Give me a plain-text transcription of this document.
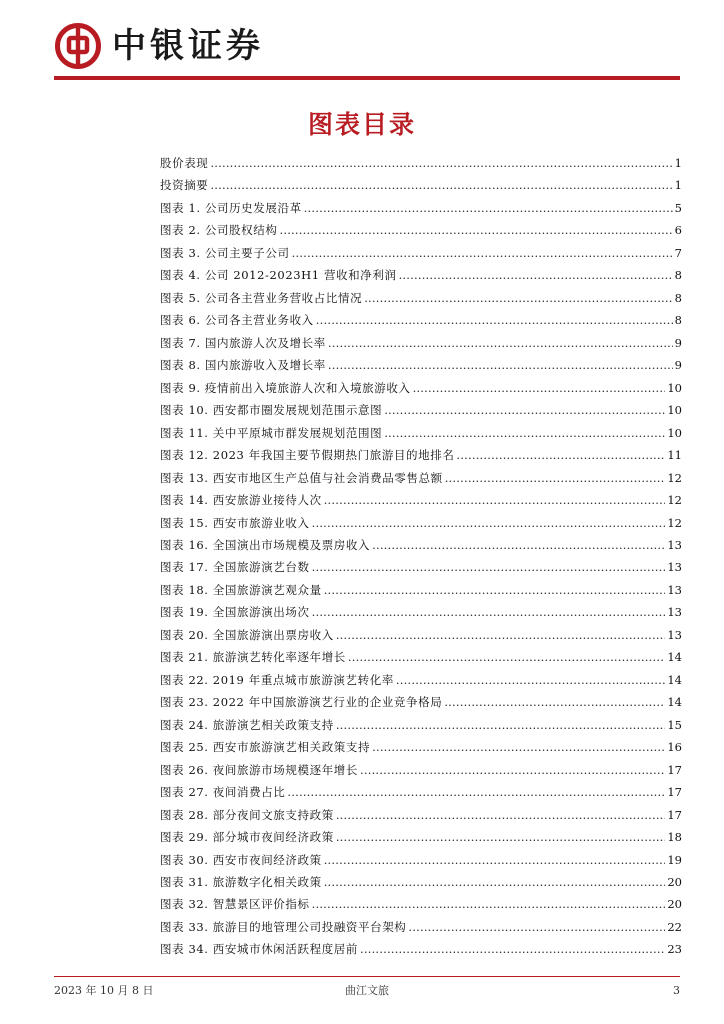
中银证券
图表目录
股价表现 .....	1
投资摘要 .....	1
图表 1. 公司历史发展沿革 .....	5
图表 2. 公司股权结构 .....	6
图表 3. 公司主要子公司 .....	7
图表 4. 公司 2012-2023H1 营收和净利润 .....	8
图表 5. 公司各主营业务营收占比情况 .....	8
图表 6. 公司各主营业务收入 .....	8
图表 7. 国内旅游人次及增长率 .....	9
图表 8. 国内旅游收入及增长率 .....	9
图表 9. 疫情前出入境旅游人次和入境旅游收入 .....	10
图表 10. 西安都市圈发展规划范围示意图 .....	10
图表 11. 关中平原城市群发展规划范围图 .....	10
图表 12. 2023 年我国主要节假期热门旅游目的地排名 .....	11
图表 13. 西安市地区生产总值与社会消费品零售总额 .....	12
图表 14. 西安旅游业接待人次 .....	12
图表 15. 西安市旅游业收入 .....	12
图表 16. 全国演出市场规模及票房收入 .....	13
图表 17. 全国旅游演艺台数 .....	13
图表 18. 全国旅游演艺观众量 .....	13
图表 19. 全国旅游演出场次 .....	13
图表 20. 全国旅游演出票房收入 .....	13
图表 21. 旅游演艺转化率逐年增长 .....	14
图表 22. 2019 年重点城市旅游演艺转化率 .....	14
图表 23. 2022 年中国旅游演艺行业的企业竞争格局 .....	14
图表 24. 旅游演艺相关政策支持 .....	15
图表 25. 西安市旅游演艺相关政策支持 .....	16
图表 26. 夜间旅游市场规模逐年增长 .....	17
图表 27. 夜间消费占比 .....	17
图表 28. 部分夜间文旅支持政策 .....	17
图表 29. 部分城市夜间经济政策 .....	18
图表 30. 西安市夜间经济政策 .....	19
图表 31. 旅游数字化相关政策 .....	20
图表 32. 智慧景区评价指标 .....	20
图表 33. 旅游目的地管理公司投融资平台架构 .....	22
图表 34. 西安城市休闲活跃程度居前 .....	23
2023 年 10 月 8 日	曲江文旅	3
